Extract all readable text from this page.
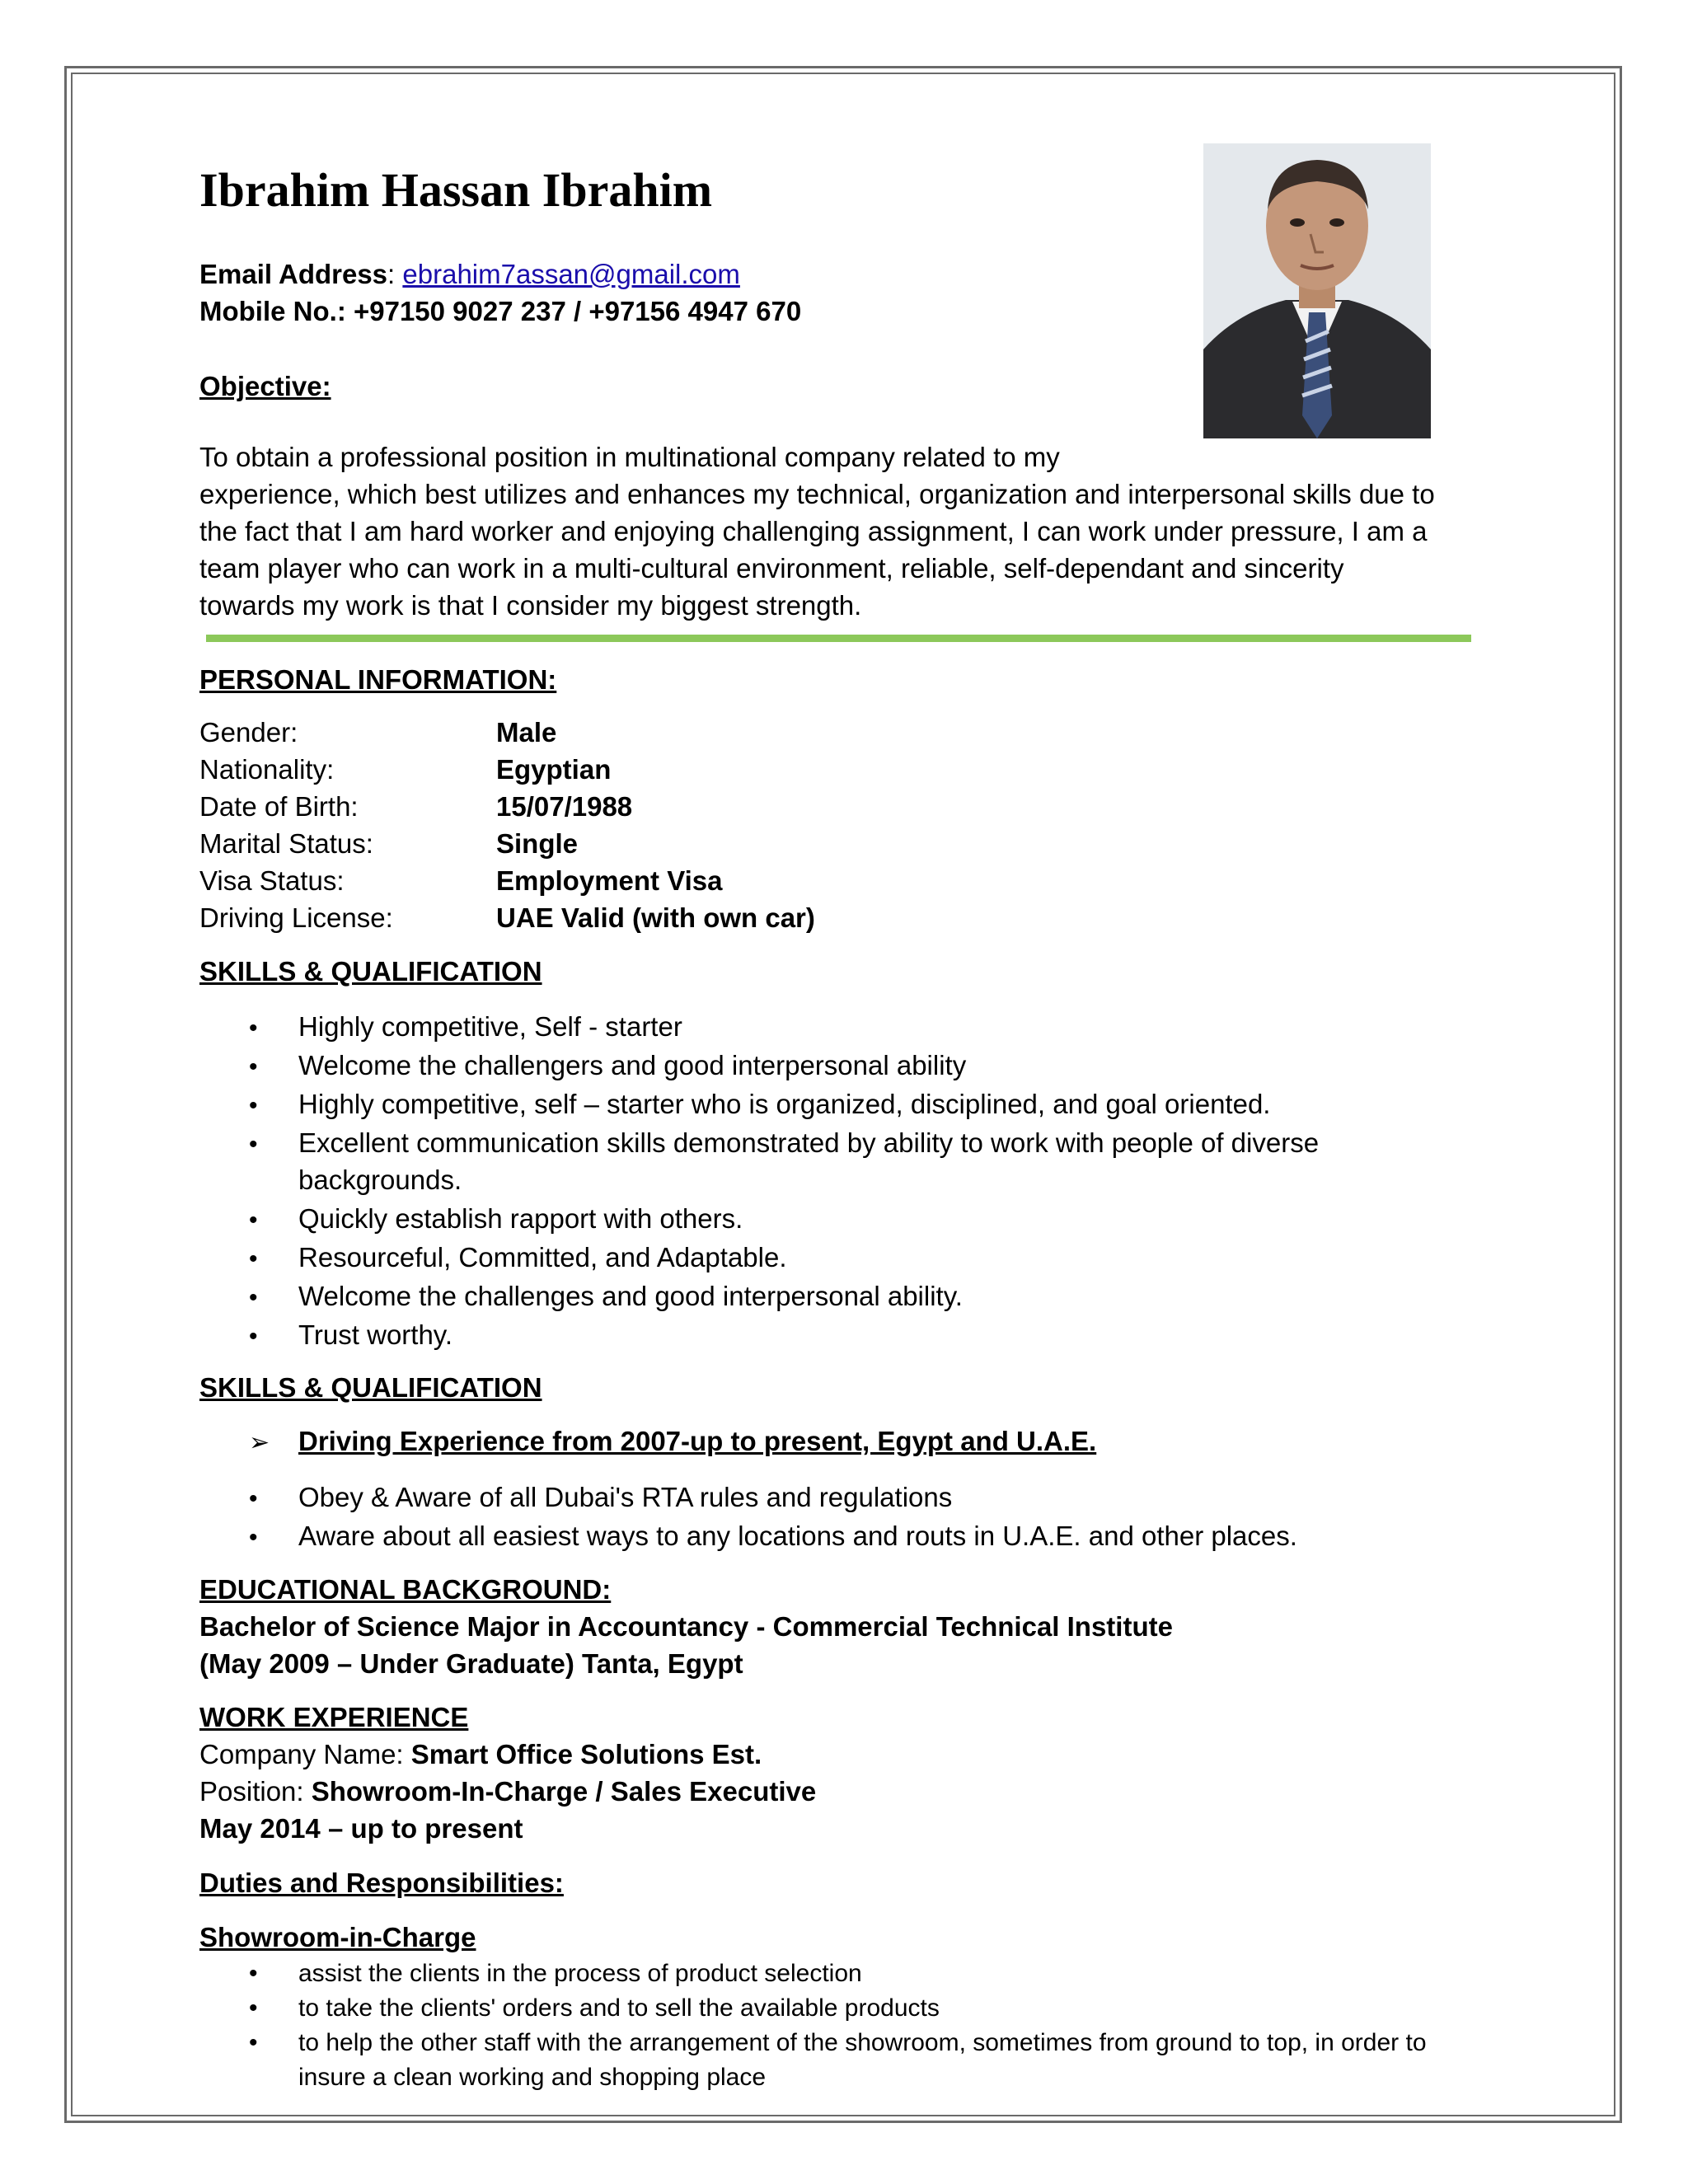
Ibrahim Hassan Ibrahim
Email Address: ebrahim7assan@gmail.com
Mobile No.: +97150 9027 237 / +97156 4947 670
Objective:
To obtain a professional position in multinational company related to my
experience, which best utilizes and enhances my technical, organization and interpersonal skills due to
the fact that I am hard worker and enjoying challenging assignment, I can work under pressure, I am a
team player who can work in a multi-cultural environment, reliable, self-dependant and sincerity
towards my work is that I consider my biggest strength.
PERSONAL INFORMATION:
Gender:	Male
Nationality:	Egyptian
Date of Birth:	15/07/1988
Marital Status:	Single
Visa Status:	Employment Visa
Driving License:	UAE Valid (with own car)
SKILLS & QUALIFICATION
• Highly competitive, Self - starter
• Welcome the challengers and good interpersonal ability
• Highly competitive, self – starter who is organized, disciplined, and goal oriented.
• Excellent communication skills demonstrated by ability to work with people of diverse
backgrounds.
• Quickly establish rapport with others.
• Resourceful, Committed, and Adaptable.
• Welcome the challenges and good interpersonal ability.
• Trust worthy.
SKILLS & QUALIFICATION
➢ Driving Experience from 2007-up to present, Egypt and U.A.E.
• Obey & Aware of all Dubai's RTA rules and regulations
• Aware about all easiest ways to any locations and routs in U.A.E. and other places.
EDUCATIONAL BACKGROUND:
Bachelor of Science Major in Accountancy - Commercial Technical Institute
(May 2009 – Under Graduate) Tanta, Egypt
WORK EXPERIENCE
Company Name: Smart Office Solutions Est.
Position: Showroom-In-Charge / Sales Executive
May 2014 – up to present
Duties and Responsibilities:
Showroom-in-Charge
• assist the clients in the process of product selection
• to take the clients' orders and to sell the available products
• to help the other staff with the arrangement of the showroom, sometimes from ground to top, in order to
insure a clean working and shopping place
